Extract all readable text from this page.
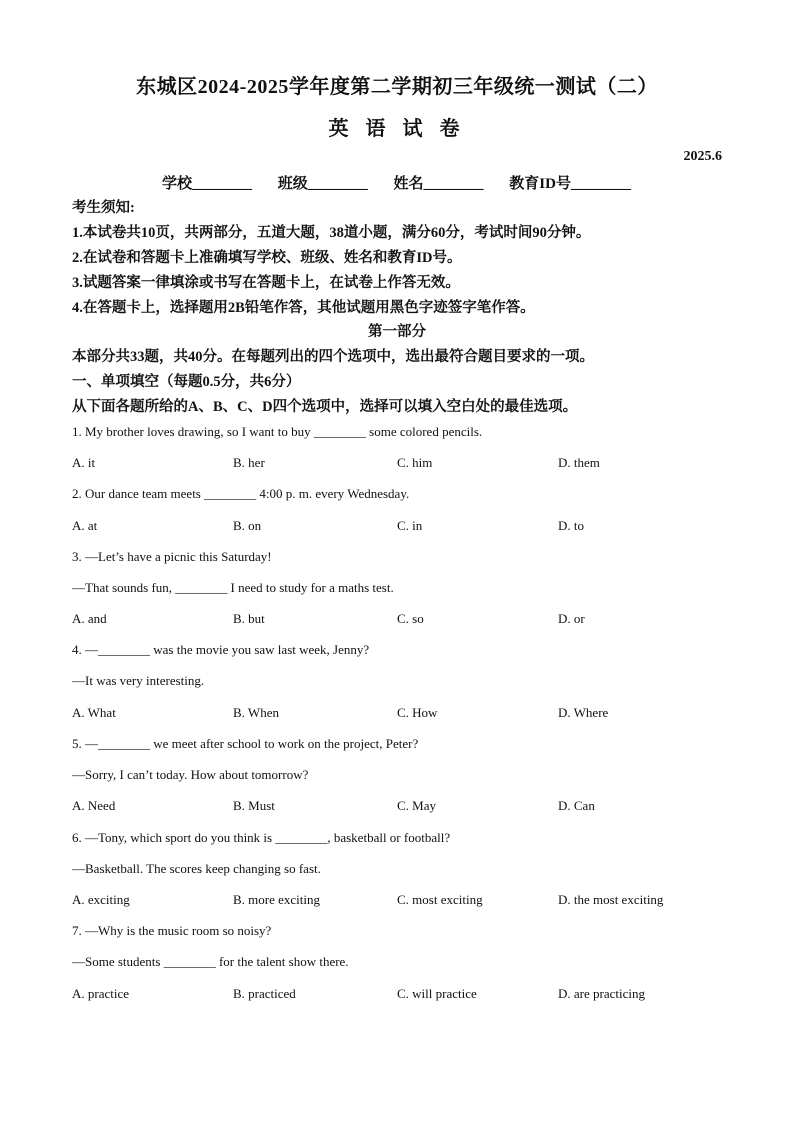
东城区2024-2025学年度第二学期初三年级统一测试（二）
英 语 试 卷
2025.6
学校________ 班级________ 姓名________ 教育ID号________
考生须知:
1.本试卷共10页，共两部分，五道大题，38道小题，满分60分，考试时间90分钟。
2.在试卷和答题卡上准确填写学校、班级、姓名和教育ID号。
3.试题答案一律填涂或书写在答题卡上，在试卷上作答无效。
4.在答题卡上，选择题用2B铅笔作答，其他试题用黑色字迹签字笔作答。
第一部分
本部分共33题，共40分。在每题列出的四个选项中，选出最符合题目要求的一项。
一、单项填空（每题0.5分，共6分）
从下面各题所给的A、B、C、D四个选项中，选择可以填入空白处的最佳选项。
1. My brother loves drawing, so I want to buy ________ some colored pencils.
A. it	B. her	C. him	D. them
2. Our dance team meets ________ 4:00 p. m. every Wednesday.
A. at	B. on	C. in	D. to
3. —Let’s have a picnic this Saturday!
—That sounds fun, ________ I need to study for a maths test.
A. and	B. but	C. so	D. or
4. —________ was the movie you saw last week, Jenny?
—It was very interesting.
A. What	B. When	C. How	D. Where
5. —________ we meet after school to work on the project, Peter?
—Sorry, I can’t today. How about tomorrow?
A. Need	B. Must	C. May	D. Can
6. —Tony, which sport do you think is ________, basketball or football?
—Basketball. The scores keep changing so fast.
A. exciting	B. more exciting	C. most exciting	D. the most exciting
7. —Why is the music room so noisy?
—Some students ________ for the talent show there.
A. practice	B. practiced	C. will practice	D. are practicing
